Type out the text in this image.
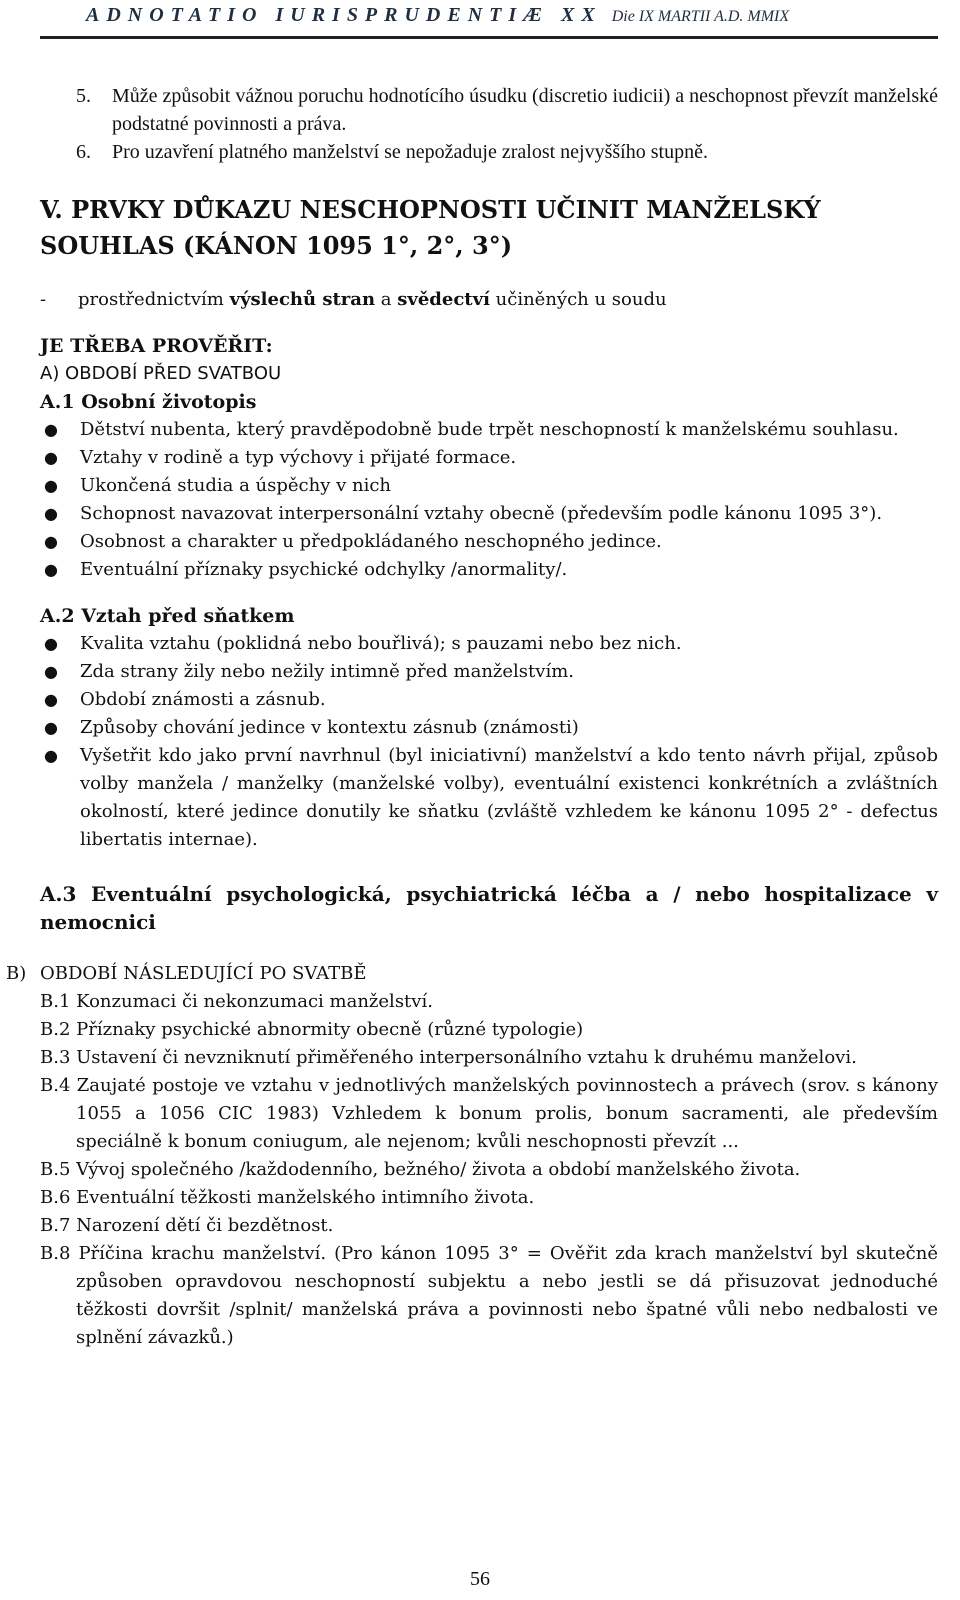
ADNOTATIO IURISPRUDENTIÆ XX Die IX MARTII A.D. MMIX
5.	Může způsobit vážnou poruchu hodnotícího úsudku (discretio iudicii) a neschopnost převzít manželské podstatné povinnosti a práva.
6.	Pro uzavření platného manželství se nepožaduje zralost nejvyššího stupně.
V. PRVKY DŮKAZU NESCHOPNOSTI UČINIT MANŽELSKÝ SOUHLAS (KÁNON 1095 1°, 2°, 3°)
-	prostřednictvím výslechů stran a svědectví učiněných u soudu
JE TŘEBA PROVĚŘIT:
A) OBDOBÍ PŘED SVATBOU
A.1 Osobní životopis
●	Dětství nubenta, který pravděpodobně bude trpět neschopností k manželskému souhlasu.
●	Vztahy v rodině a typ výchovy i přijaté formace.
●	Ukončená studia a úspěchy v nich
●	Schopnost navazovat interpersonální vztahy obecně (především podle kánonu 1095 3°).
●	Osobnost a charakter u předpokládaného neschopného jedince.
●	Eventuální příznaky psychické odchylky /anormality/.
A.2 Vztah před sňatkem
●	Kvalita vztahu (poklidná nebo bouřlivá); s pauzami nebo bez nich.
●	Zda strany žily nebo nežily intimně před manželstvím.
●	Období známosti a zásnub.
●	Způsoby chování jedince v kontextu zásnub (známosti)
●	Vyšetřit kdo jako první navrhnul (byl iniciativní) manželství a kdo tento návrh přijal, způsob volby manžela / manželky (manželské volby), eventuální existenci konkrétních a zvláštních okolností, které jedince donutily ke sňatku (zvláště vzhledem ke kánonu 1095 2° - defectus libertatis internae).
A.3 Eventuální psychologická, psychiatrická léčba a / nebo hospitalizace v nemocnici
B) OBDOBÍ NÁSLEDUJÍCÍ PO SVATBĚ
B.1 Konzumaci či nekonzumaci manželství.
B.2 Příznaky psychické abnormity obecně (různé typologie)
B.3 Ustavení či nevzniknutí přiměřeného interpersonálního vztahu k druhému manželovi.
B.4 Zaujaté postoje ve vztahu v jednotlivých manželských povinnostech a právech (srov. s kánony 1055 a 1056 CIC 1983) Vzhledem k bonum prolis, bonum sacramenti, ale především speciálně k bonum coniugum, ale nejenom; kvůli neschopnosti převzít ...
B.5 Vývoj společného /každodenního, bežného/ života a období manželského života.
B.6 Eventuální těžkosti manželského intimního života.
B.7 Narození dětí či bezdětnost.
B.8 Příčina krachu manželství. (Pro kánon 1095 3° = Ověřit zda krach manželství byl skutečně způsoben opravdovou neschopností subjektu a nebo jestli se dá přisuzovat jednoduché těžkosti dovršit /splnit/ manželská práva a povinnosti nebo špatné vůli nebo nedbalosti ve splnění závazků.)
56
